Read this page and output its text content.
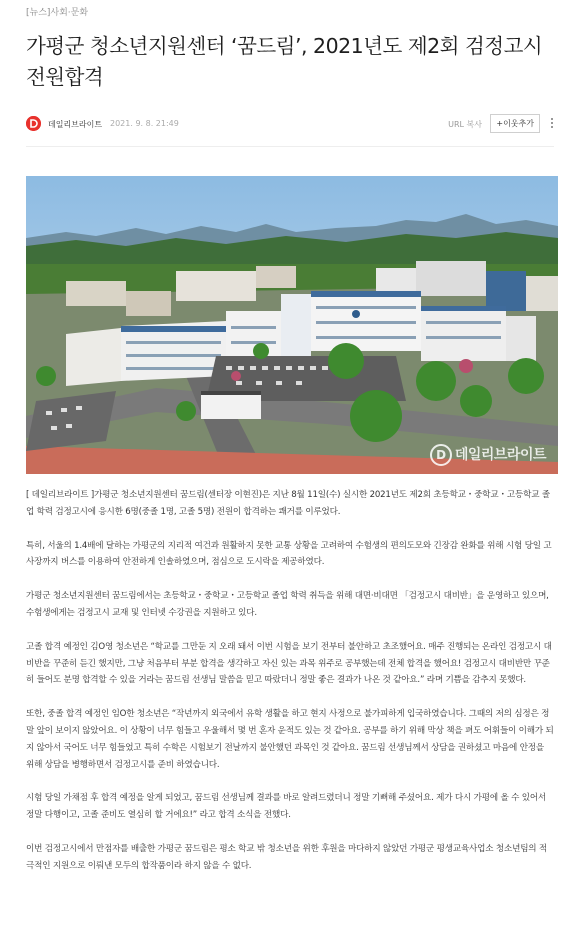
[뉴스]사회·문화
가평군 청소년지원센터 ‘꿈드림’, 2021년도 제2회 검정고시 전원합격
데일리브라이트 2021. 9. 8. 21:49	URL 복사	+이웃추가
D 데일리브라이트

[ 데일리브라이트 ]가평군 청소년지원센터 꿈드림(센터장 이현진)은 지난 8월 11일(수) 실시한 2021년도 제2회 초등학교・중학교・고등학교 졸업 학력 검정고시에 응시한 6명(중졸 1명, 고졸 5명) 전원이 합격하는 쾌거를 이루었다.

특히, 서울의 1.4배에 달하는 가평군의 지리적 여건과 원활하지 못한 교통 상황을 고려하여 수험생의 편의도모와 긴장감 완화를 위해 시험 당일 고사장까지 버스를 이용하여 안전하게 인솔하였으며, 점심으로 도시락을 제공하였다.

가평군 청소년지원센터 꿈드림에서는 초등학교・중학교・고등학교 졸업 학력 취득을 위해 대면·비대면 「검정고시 대비반」을 운영하고 있으며, 수험생에게는 검정고시 교재 및 인터넷 수강권을 지원하고 있다.

고졸 합격 예정인 김O영 청소년은 “학교를 그만둔 지 오래 돼서 이번 시험을 보기 전부터 불안하고 초조했어요. 매주 진행되는 온라인 검정고시 대비반을 꾸준히 듣긴 했지만, 그냥 처음부터 부분 합격을 생각하고 자신 있는 과목 위주로 공부했는데 전체 합격을 했어요! 검정고시 대비반만 꾸준히 들어도 분명 합격할 수 있을 거라는 꿈드림 선생님 말씀을 믿고 따랐더니 정말 좋은 결과가 나온 것 같아요.” 라며 기쁨을 감추지 못했다.

또한, 중졸 합격 예정인 임O한 청소년은 “작년까지 외국에서 유학 생활을 하고 현지 사정으로 불가피하게 입국하였습니다. 그때의 저의 심정은 정말 앞이 보이지 않았어요. 이 상황이 너무 힘들고 우울해서 몇 번 혼자 운적도 있는 것 같아요. 공부를 하기 위해 막상 책을 펴도 어휘들이 이해가 되지 않아서 국어도 너무 힘들었고 특히 수학은 시험보기 전날까지 불안했던 과목인 것 같아요. 꿈드림 선생님께서 상담을 권하셨고 마음에 안정을 위해 상담을 병행하면서 검정고시를 준비 하였습니다.

시험 당일 가채점 후 합격 예정을 알게 되었고, 꿈드림 선생님께 결과를 바로 알려드렸더니 정말 기뻐해 주셨어요. 제가 다시 가평에 올 수 있어서 정말 다행이고, 고졸 준비도 열심히 할 거에요!” 라고 합격 소식을 전했다.

이번 검정고시에서 만점자를 배출한 가평군 꿈드림은 평소 학교 밖 청소년을 위한 후원을 마다하지 않았던 가평군 평생교육사업소 청소년팀의 적극적인 지원으로 이뤄낸 모두의 합작품이라 하지 않을 수 없다.
